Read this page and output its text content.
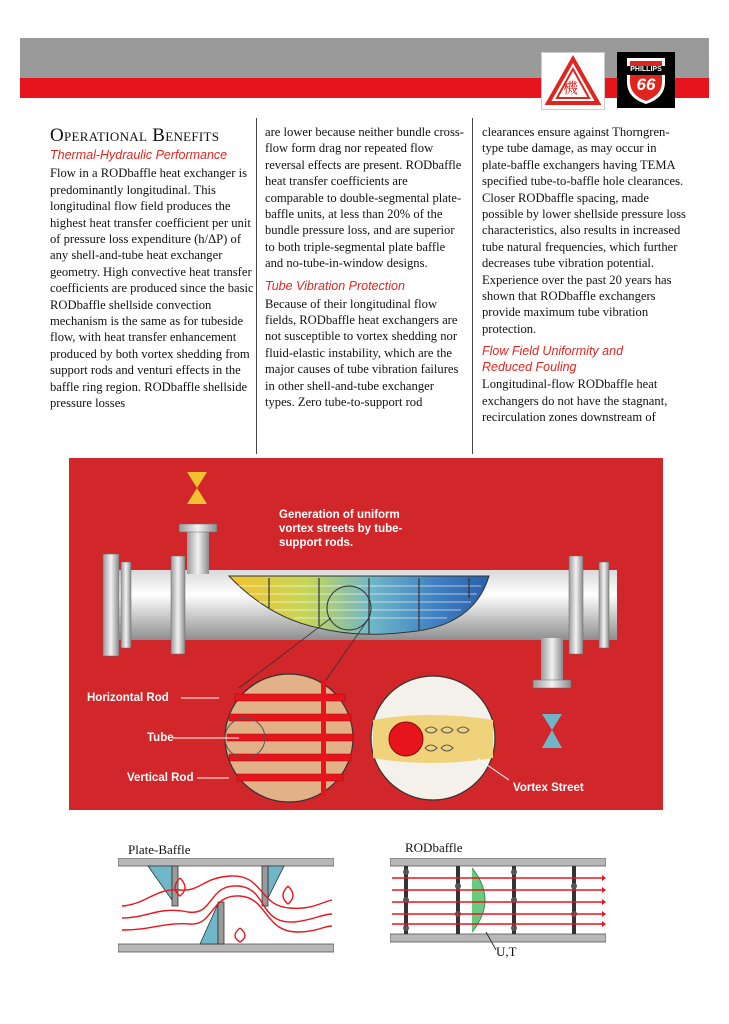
機
PHILLIPS
66
Operational Benefits
Thermal-Hydraulic Performance

Flow in a RODbaffle heat exchanger is predominantly longitudinal. This longitudinal flow field produces the highest heat transfer coefficient per unit of pressure loss expenditure (h/ΔP) of any shell-and-tube heat exchanger geometry. High convective heat transfer coefficients are produced since the basic RODbaffle shellside convection mechanism is the same as for tubeside flow, with heat transfer enhancement produced by both vortex shedding from support rods and venturi effects in the baffle ring region. RODbaffle shellside pressure losses

are lower because neither bundle cross-flow form drag nor repeated flow reversal effects are present. RODbaffle heat transfer coefficients are comparable to double-segmental plate-baffle units, at less than 20% of the bundle pressure loss, and are superior to both triple-segmental plate baffle and no-tube-in-window designs.

Tube Vibration Protection

Because of their longitudinal flow fields, RODbaffle heat exchangers are not susceptible to vortex shedding nor fluid-elastic instability, which are the major causes of tube vibration failures in other shell-and-tube exchanger types. Zero tube-to-support rod

clearances ensure against Thorngren-type tube damage, as may occur in plate-baffle exchangers having TEMA specified tube-to-baffle hole clearances. Closer RODbaffle spacing, made possible by lower shellside pressure loss characteristics, also results in increased tube natural frequencies, which further decreases tube vibration potential. Experience over the past 20 years has shown that RODbaffle exchangers provide maximum tube vibration protection.

Flow Field Uniformity and
Reduced Fouling

Longitudinal-flow RODbaffle heat exchangers do not have the stagnant, recirculation zones downstream of

Generation of uniform
vortex streets by tube-
support rods.
Horizontal Rod
Tube
Vertical Rod
Vortex Street
Plate-Baffle	RODbaffle
U,T
